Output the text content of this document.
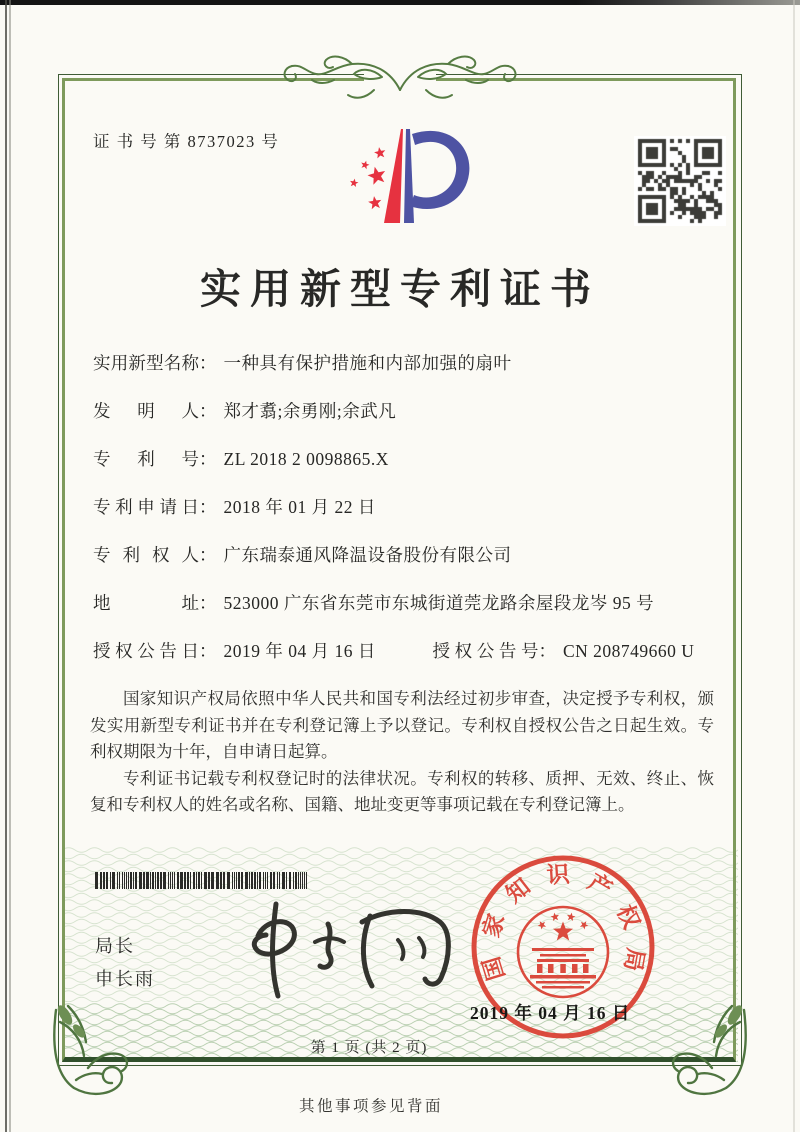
证 书 号 第 8737023 号
实用新型专利证书
实 用 新 型 名 称 ： 一种具有保护措施和内部加强的扇叶
发 明 人 ： 郑才翥;余勇刚;余武凡
专 利 号 ： ZL 2018 2 0098865.X
专 利 申 请 日 ： 2018 年 01 月 22 日
专 利 权 人 ： 广东瑞泰通风降温设备股份有限公司
地	址 ： 523000 广东省东莞市东城街道莞龙路余屋段龙岑 95 号
授 权 公 告 日 ： 2019 年 04 月 16 日	授 权 公 告 号 ： CN 208749660 U

国家知识产权局依照中华人民共和国专利法经过初步审查，决定授予专利权，颁发实用新型专利证书并在专利登记簿上予以登记。专利权自授权公告之日起生效。专利权期限为十年，自申请日起算。

专利证书记载专利权登记时的法律状况。专利权的转移、质押、无效、终止、恢复和专利权人的姓名或名称、国籍、地址变更等事项记载在专利登记簿上。

局长
申长雨	国
家
知 识 产
权
局
2019 年 04 月 16 日
第 1 页 (共 2 页)
其他事项参见背面
